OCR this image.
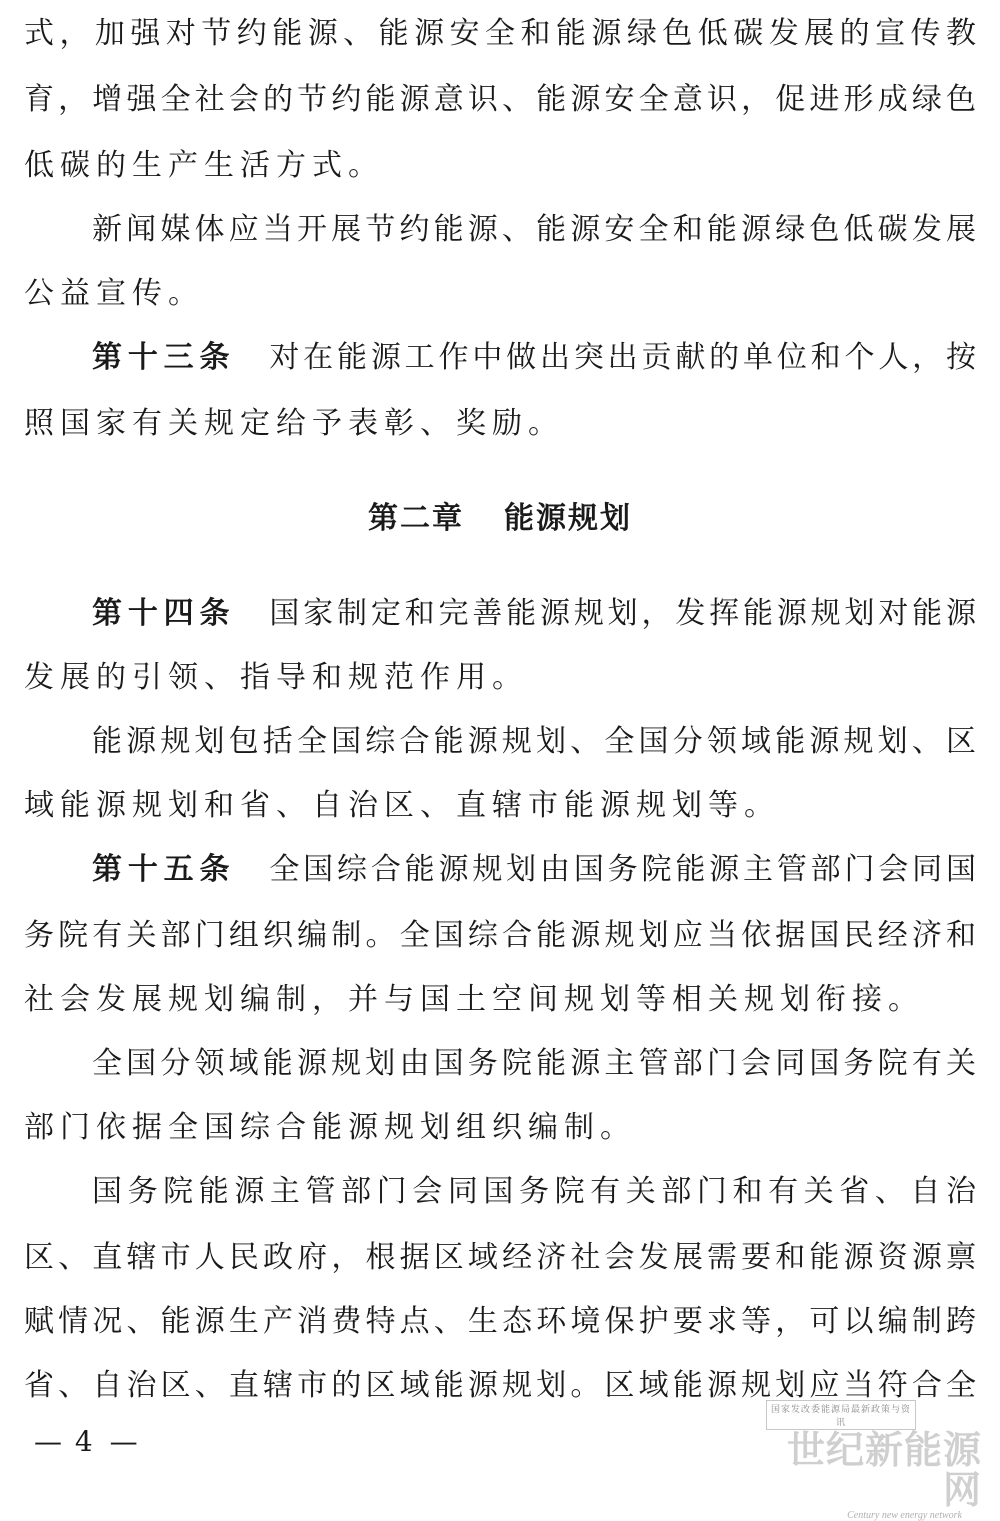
式，加强对节约能源、能源安全和能源绿色低碳发展的宣传教
育，增强全社会的节约能源意识、能源安全意识，促进形成绿色
低碳的生产生活方式。
新闻媒体应当开展节约能源、能源安全和能源绿色低碳发展
公益宣传。
第十三条 对在能源工作中做出突出贡献的单位和个人，按
照国家有关规定给予表彰、奖励。
第二章 能源规划
第十四条 国家制定和完善能源规划，发挥能源规划对能源
发展的引领、指导和规范作用。
能源规划包括全国综合能源规划、全国分领域能源规划、区
域能源规划和省、自治区、直辖市能源规划等。
第十五条 全国综合能源规划由国务院能源主管部门会同国
务院有关部门组织编制。全国综合能源规划应当依据国民经济和
社会发展规划编制，并与国土空间规划等相关规划衔接。
全国分领域能源规划由国务院能源主管部门会同国务院有关
部门依据全国综合能源规划组织编制。
国务院能源主管部门会同国务院有关部门和有关省、自治
区、直辖市人民政府，根据区域经济社会发展需要和能源资源禀
赋情况、能源生产消费特点、生态环境保护要求等，可以编制跨
省、自治区、直辖市的区域能源规划。区域能源规划应当符合全
— 4 —
国家发改委能源局最新政策与资讯
世纪新能源网
Century new energy network
